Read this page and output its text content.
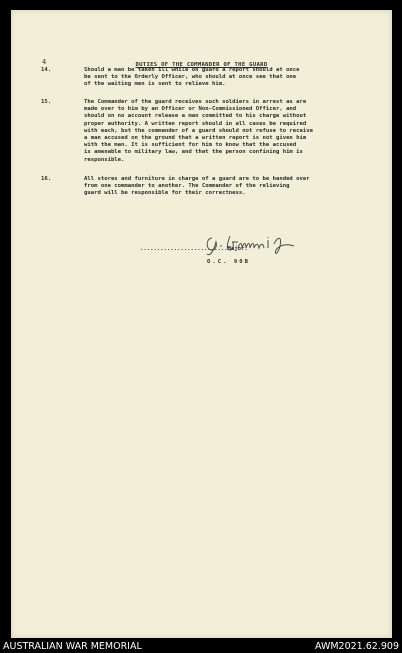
4	DUTIES OF THE COMMANDER OF THE GUARD
14.	Should a man be taken ill while on guard a report should at once
be sent to the Orderly Officer, who should at once see that one
of the waiting men is sent to relieve him.
15.	The Commander of the guard receives such soldiers in arrest as are
made over to him by an Officer or Non-Commissioned Officer, and
should on no account release a man committed to his charge without
proper authority. A written report should in all cases be required
with each, but the commander of a guard should not refuse to receive
a man accused on the ground that a written report is not given him
with the man. It is sufficient for him to know that the accused
is amenable to military law, and that the person confining him is
responsible.
16.	All stores and furniture in charge of a guard are to be handed over
from one commander to another. The Commander of the relieving
guard will be responsible for their correctness.
..........................Major.
O.C. 90B
AUSTRALIAN WAR MEMORIAL	AWM2021.62.909
